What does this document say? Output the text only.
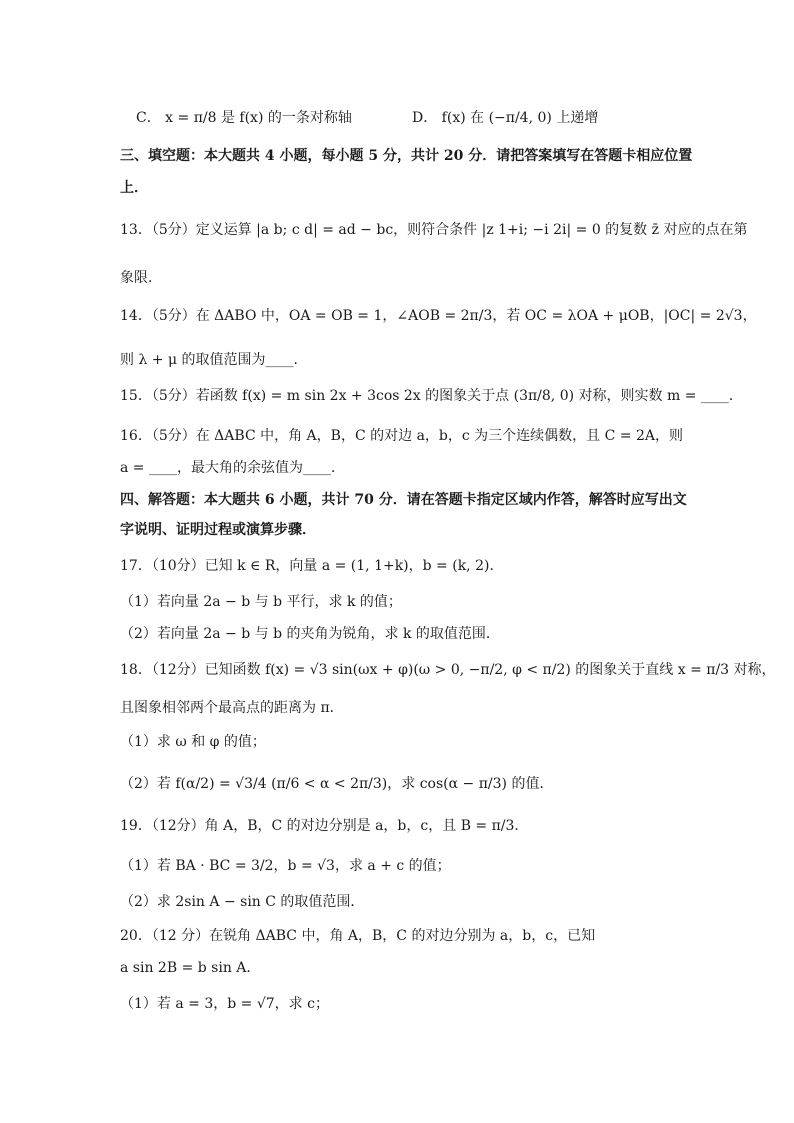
C． x = π/8 是 f(x) 的一条对称轴	D． f(x) 在 (−π/4, 0) 上递增
三、填空题：本大题共 4 小题，每小题 5 分，共计 20 分．请把答案填写在答题卡相应位置
上．
13．（5分）定义运算 |a b; c d| = ad − bc，则符合条件 |z 1+i; −i 2i| = 0 的复数 z̄ 对应的点在第
象限．
14．（5分）在 ΔABO 中，OA = OB = 1，∠AOB = 2π/3，若 OC = λOA + μOB，|OC| = 2√3，
则 λ + μ 的取值范围为____．
15．（5分）若函数 f(x) = m sin 2x + 3cos 2x 的图象关于点 (3π/8, 0) 对称，则实数 m = ____．
16．（5分）在 ΔABC 中，角 A，B，C 的对边 a，b，c 为三个连续偶数，且 C = 2A，则
a = ____，最大角的余弦值为____．
四、解答题：本大题共 6 小题，共计 70 分．请在答题卡指定区域内作答，解答时应写出文
字说明、证明过程或演算步骤．
17．（10分）已知 k ∈ R，向量 a = (1, 1+k)，b = (k, 2)．
（1）若向量 2a − b 与 b 平行，求 k 的值；
（2）若向量 2a − b 与 b 的夹角为锐角，求 k 的取值范围．
18．（12分）已知函数 f(x) = √3 sin(ωx + φ)(ω > 0, −π/2, φ < π/2) 的图象关于直线 x = π/3 对称，
且图象相邻两个最高点的距离为 π．
（1）求 ω 和 φ 的值；
（2）若 f(α/2) = √3/4 (π/6 < α < 2π/3)，求 cos(α − π/3) 的值．
19．（12分）角 A，B，C 的对边分别是 a，b，c，且 B = π/3．
（1）若 BA · BC = 3/2，b = √3，求 a + c 的值；
（2）求 2sin A − sin C 的取值范围．
20．（12 分）在锐角 ΔABC 中，角 A，B，C 的对边分别为 a，b，c，已知
a sin 2B = b sin A．
（1）若 a = 3，b = √7，求 c；
